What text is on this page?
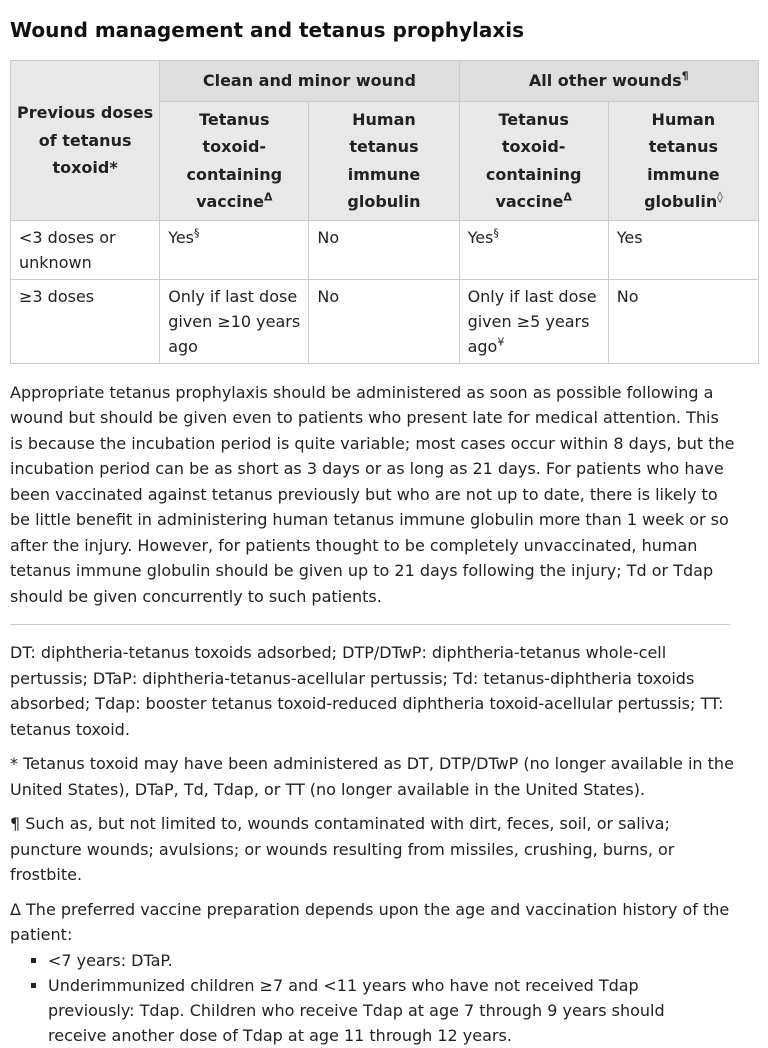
Wound management and tetanus prophylaxis
Previous doses of tetanus toxoid*	Clean and minor wound		All other wounds¶
	Tetanus toxoid-containing vaccine$^\Delta$	Human tetanus immune globulin	Tetanus toxoid-containing vaccine$^\Delta$	Human tetanus immune globulin◊
<3 doses or unknown	Yes§	No	Yes§	Yes
≥3 doses	Only if last dose given ≥10 years ago	No	Only if last dose given ≥5 years ago¥	No

Appropriate tetanus prophylaxis should be administered as soon as possible following a wound but should be given even to patients who present late for medical attention. This is because the incubation period is quite variable; most cases occur within 8 days, but the incubation period can be as short as 3 days or as long as 21 days. For patients who have been vaccinated against tetanus previously but who are not up to date, there is likely to be little benefit in administering human tetanus immune globulin more than 1 week or so after the injury. However, for patients thought to be completely unvaccinated, human tetanus immune globulin should be given up to 21 days following the injury; Td or Tdap should be given concurrently to such patients.

DT: diphtheria-tetanus toxoids adsorbed; DTP/DTwP: diphtheria-tetanus whole-cell pertussis; DTaP: diphtheria-tetanus-acellular pertussis; Td: tetanus-diphtheria toxoids absorbed; Tdap: booster tetanus toxoid-reduced diphtheria toxoid-acellular pertussis; TT: tetanus toxoid.

* Tetanus toxoid may have been administered as DT, DTP/DTwP (no longer available in the United States), DTaP, Td, Tdap, or TT (no longer available in the United States).

¶ Such as, but not limited to, wounds contaminated with dirt, feces, soil, or saliva; puncture wounds; avulsions; or wounds resulting from missiles, crushing, burns, or frostbite.

Δ The preferred vaccine preparation depends upon the age and vaccination history of the patient:

▪ <7 years: DTaP.
▪ Underimmunized children ≥7 and <11 years who have not received Tdap previously: Tdap. Children who receive Tdap at age 7 through 9 years should receive another dose of Tdap at age 11 through 12 years.
